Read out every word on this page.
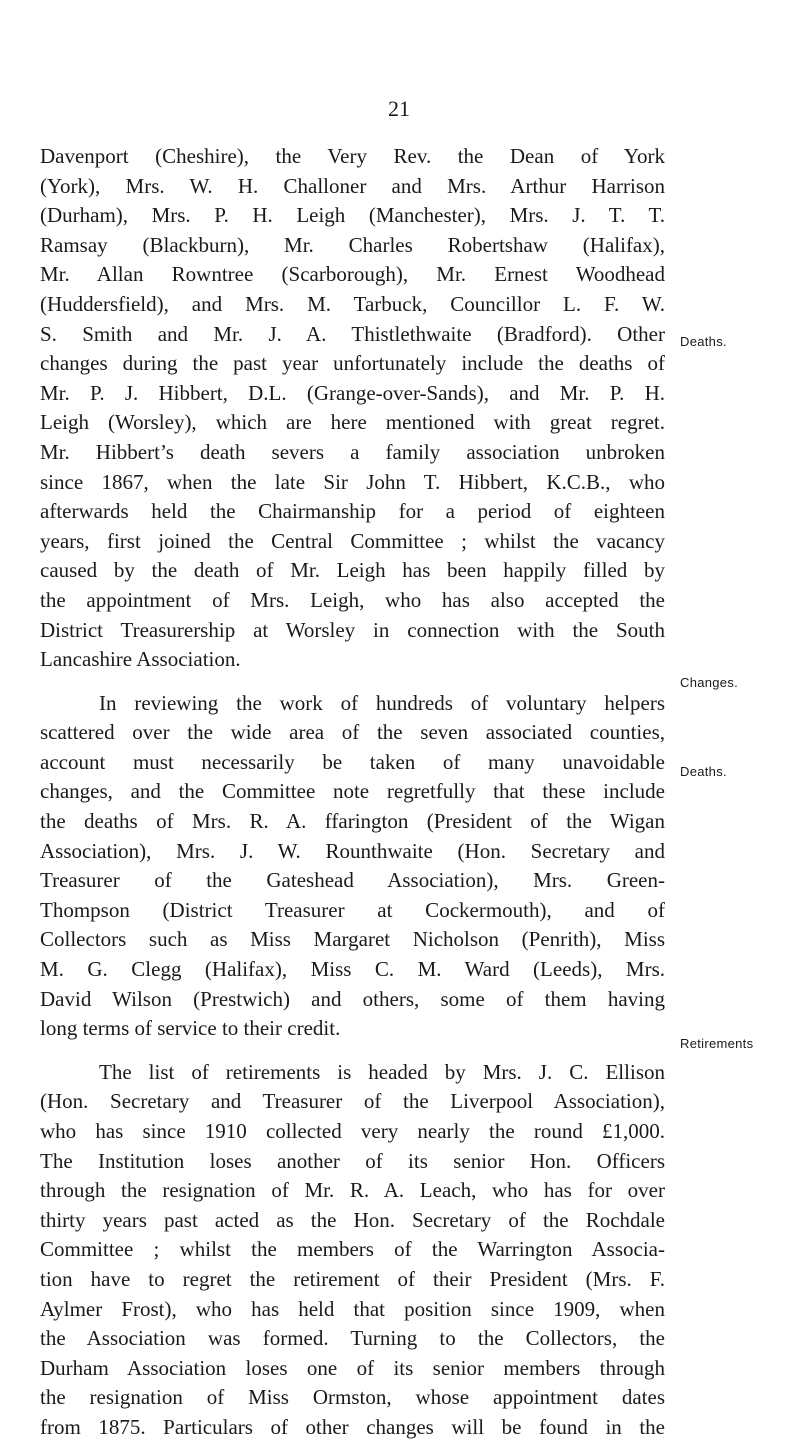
21
Davenport (Cheshire), the Very Rev. the Dean of York
(York), Mrs. W. H. Challoner and Mrs. Arthur Harrison
(Durham), Mrs. P. H. Leigh (Manchester), Mrs. J. T. T.
Ramsay (Blackburn), Mr. Charles Robertshaw (Halifax),
Mr. Allan Rowntree (Scarborough), Mr. Ernest Woodhead
(Huddersfield), and Mrs. M. Tarbuck, Councillor L. F. W.
S. Smith and Mr. J. A. Thistlethwaite (Bradford). Other
changes during the past year unfortunately include the deaths of
Mr. P. J. Hibbert, D.L. (Grange-over-Sands), and Mr. P. H.
Leigh (Worsley), which are here mentioned with great regret.
Mr. Hibbert’s death severs a family association unbroken
since 1867, when the late Sir John T. Hibbert, K.C.B., who
afterwards held the Chairmanship for a period of eighteen
years, first joined the Central Committee ; whilst the vacancy
caused by the death of Mr. Leigh has been happily filled by
the appointment of Mrs. Leigh, who has also accepted the
District Treasurership at Worsley in connection with the South
Lancashire Association.
In reviewing the work of hundreds of voluntary helpers
scattered over the wide area of the seven associated counties,
account must necessarily be taken of many unavoidable
changes, and the Committee note regretfully that these include
the deaths of Mrs. R. A. ffarington (President of the Wigan
Association), Mrs. J. W. Rounthwaite (Hon. Secretary and
Treasurer of the Gateshead Association), Mrs. Green-
Thompson (District Treasurer at Cockermouth), and of
Collectors such as Miss Margaret Nicholson (Penrith), Miss
M. G. Clegg (Halifax), Miss C. M. Ward (Leeds), Mrs.
David Wilson (Prestwich) and others, some of them having
long terms of service to their credit.
The list of retirements is headed by Mrs. J. C. Ellison
(Hon. Secretary and Treasurer of the Liverpool Association),
who has since 1910 collected very nearly the round £1,000.
The Institution loses another of its senior Hon. Officers
through the resignation of Mr. R. A. Leach, who has for over
thirty years past acted as the Hon. Secretary of the Rochdale
Committee ; whilst the members of the Warrington Associa-
tion have to regret the retirement of their President (Mrs. F.
Aylmer Frost), who has held that position since 1909, when
the Association was formed. Turning to the Collectors, the
Durham Association loses one of its senior members through
the resignation of Miss Ormston, whose appointment dates
from 1875. Particulars of other changes will be found in the
Deaths.
Changes.
Deaths.
Retirements
